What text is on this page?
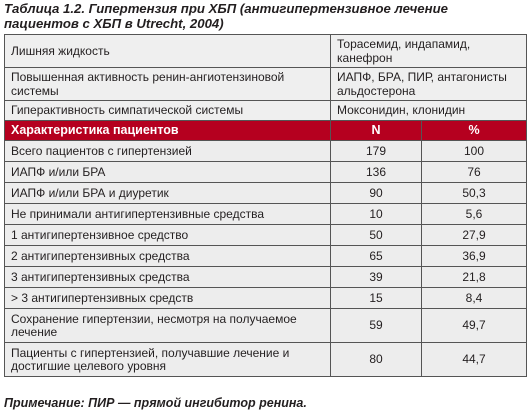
Таблица 1.2. Гипертензия при ХБП (антигипертензивное лечение пациентов с ХБП в Utrecht, 2004)
Лишняя жидкость	Торасемид, индапамид, канефрон	
Повышенная активность ренин-ангиотензиновой системы	ИАПФ, БРА, ПИР, антагонисты альдостерона	
Гиперактивность симпатической системы	Моксонидин, клонидин	
Характеристика пациентов	N	%
Всего пациентов с гипертензией	179	100
ИАПФ и/или БРА	136	76
ИАПФ и/или БРА и диуретик	90	50,3
Не принимали антигипертензивные средства	10	5,6
1 антигипертензивное средство	50	27,9
2 антигипертензивных средства	65	36,9
3 антигипертензивных средства	39	21,8
> 3 антигипертензивных средств	15	8,4
Сохранение гипертензии, несмотря на получаемое лечение	59	49,7
Пациенты с гипертензией, получавшие лечение и достигшие целевого уровня	80	44,7
Примечание: ПИР — прямой ингибитор ренина.
